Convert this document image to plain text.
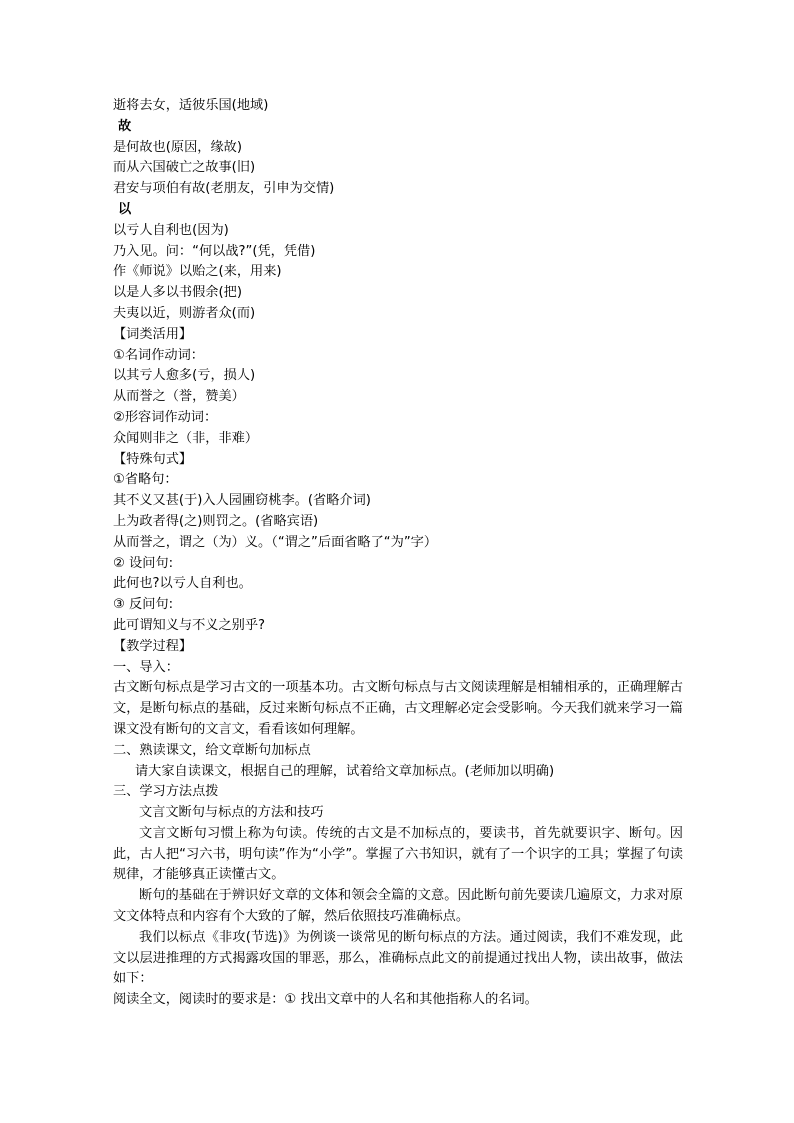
逝将去女，适彼乐国(地域)
故
是何故也(原因，缘故)
而从六国破亡之故事(旧)
君安与项伯有故(老朋友，引申为交情)
以
以亏人自利也(因为)
乃入见。问：“何以战?”(凭，凭借)
作《师说》以贻之(来，用来)
以是人多以书假余(把)
夫夷以近，则游者众(而)
【词类活用】
①名词作动词：
以其亏人愈多(亏，损人)
从而誉之（誉，赞美）
②形容词作动词：
众闻则非之（非，非难）
【特殊句式】
①省略句：
其不义又甚(于)入人园圃窃桃李。(省略介词)
上为政者得(之)则罚之。(省略宾语)
从而誉之，谓之（为）义。（“谓之”后面省略了“为”字）
② 设问句:
此何也?以亏人自利也。
③ 反问句:
此可谓知义与不义之别乎?
【教学过程】
一、导入：
古文断句标点是学习古文的一项基本功。古文断句标点与古文阅读理解是相辅相承的，正确理解古文，是断句标点的基础，反过来断句标点不正确，古文理解必定会受影响。今天我们就来学习一篇课文没有断句的文言文，看看该如何理解。
二、熟读课文，给文章断句加标点
请大家自读课文，根据自己的理解，试着给文章加标点。(老师加以明确)
三、学习方法点拨
文言文断句与标点的方法和技巧
文言文断句习惯上称为句读。传统的古文是不加标点的，要读书，首先就要识字、断句。因此，古人把“习六书，明句读”作为“小学”。掌握了六书知识，就有了一个识字的工具；掌握了句读规律，才能够真正读懂古文。
断句的基础在于辨识好文章的文体和领会全篇的文意。因此断句前先要读几遍原文，力求对原文文体特点和内容有个大致的了解，然后依照技巧准确标点。
我们以标点《非攻(节选)》为例谈一谈常见的断句标点的方法。通过阅读，我们不难发现，此文以层进推理的方式揭露攻国的罪恶，那么，准确标点此文的前提通过找出人物，读出故事，做法如下：
阅读全文，阅读时的要求是：① 找出文章中的人名和其他指称人的名词。
